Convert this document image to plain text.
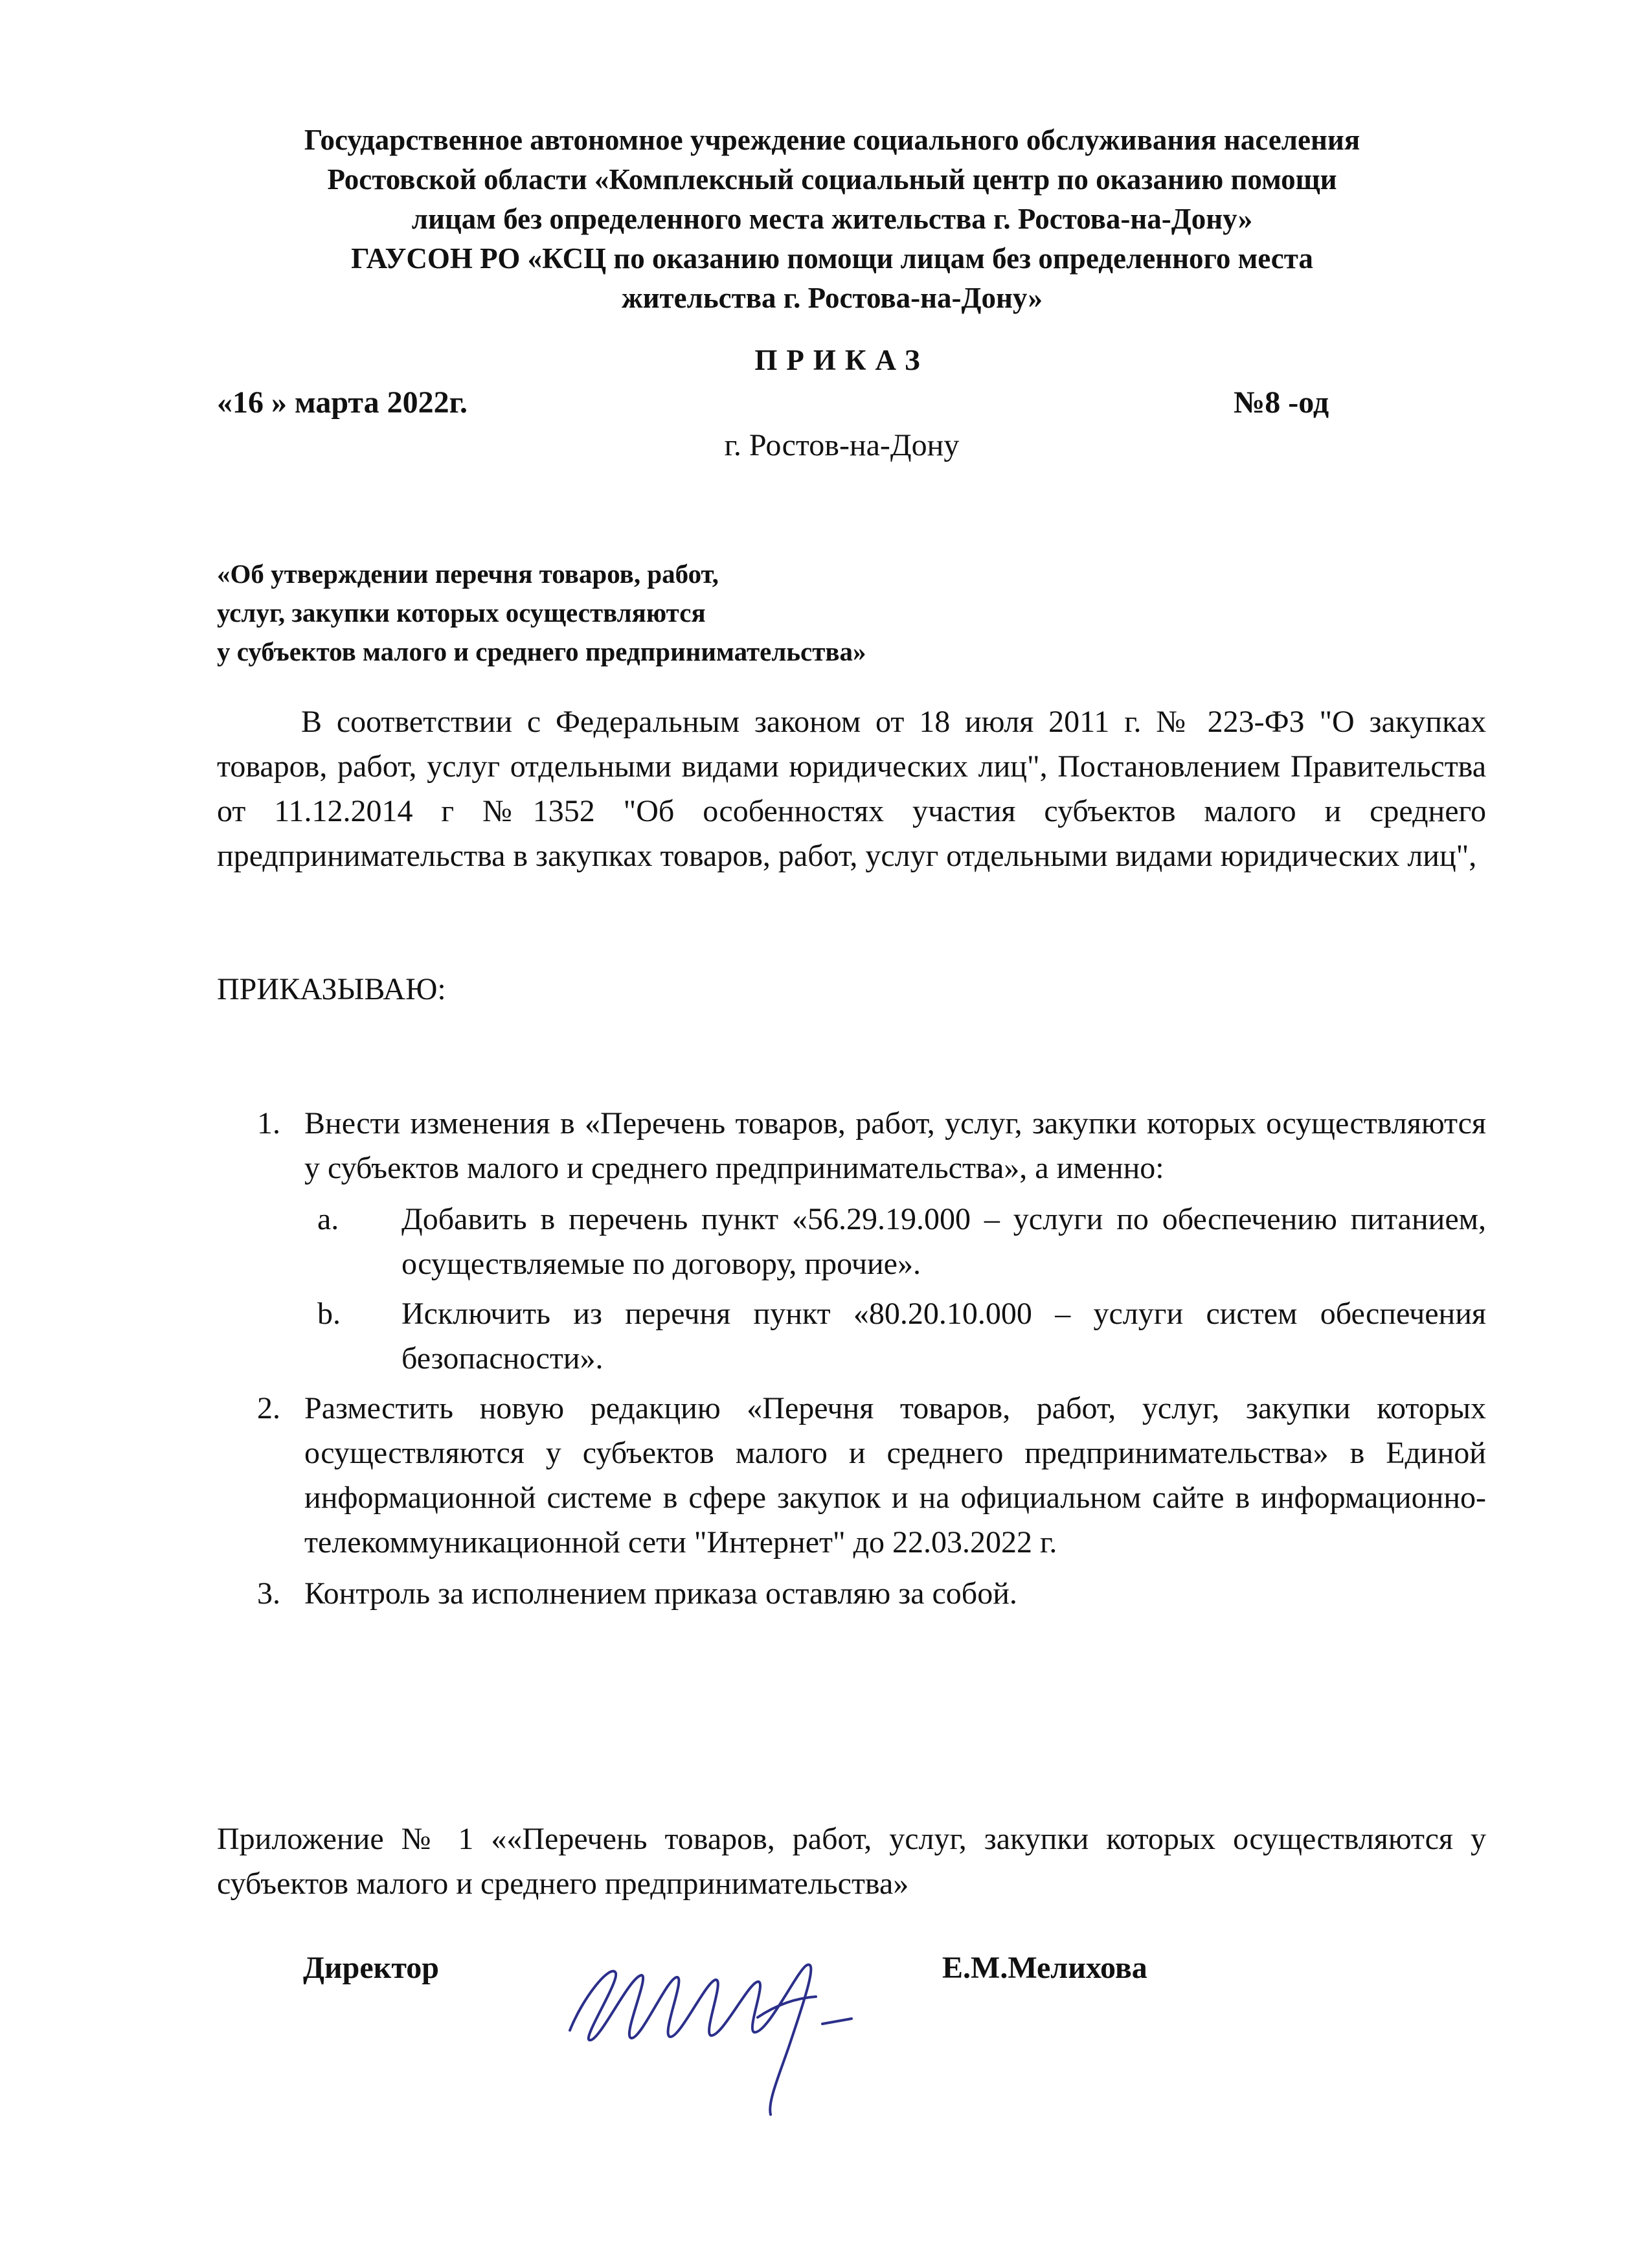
Государственное автономное учреждение социального обслуживания населения
Ростовской области «Комплексный социальный центр по оказанию помощи
лицам без определенного места жительства г. Ростова-на-Дону»
ГАУСОН РО «КСЦ по оказанию помощи лицам без определенного места
жительства г. Ростова-на-Дону»
ПРИКАЗ
«16 » марта 2022г.	№8 -од
г. Ростов-на-Дону
«Об утверждении перечня товаров, работ,
услуг, закупки которых осуществляются
у субъектов малого и среднего предпринимательства»
В соответствии с Федеральным законом от 18 июля 2011 г. № 223-ФЗ "О закупках товаров, работ, услуг отдельными видами юридических лиц", Постановлением Правительства от 11.12.2014 г №1352 "Об особенностях участия субъектов малого и среднего предпринимательства в закупках товаров, работ, услуг отдельными видами юридических лиц",
ПРИКАЗЫВАЮ:
1. Внести изменения в «Перечень товаров, работ, услуг, закупки которых осуществляются у субъектов малого и среднего предпринимательства», а именно:
a. Добавить в перечень пункт «56.29.19.000 – услуги по обеспечению питанием, осуществляемые по договору, прочие».
b. Исключить из перечня пункт «80.20.10.000 – услуги систем обеспечения безопасности».
2. Разместить новую редакцию «Перечня товаров, работ, услуг, закупки которых осуществляются у субъектов малого и среднего предпринимательства» в Единой информационной системе в сфере закупок и на официальном сайте в информационно-телекоммуникационной сети "Интернет" до 22.03.2022 г.
3. Контроль за исполнением приказа оставляю за собой.
Приложение № 1 ««Перечень товаров, работ, услуг, закупки которых осуществляются у субъектов малого и среднего предпринимательства»
Директор	Е.М.Мелихова
